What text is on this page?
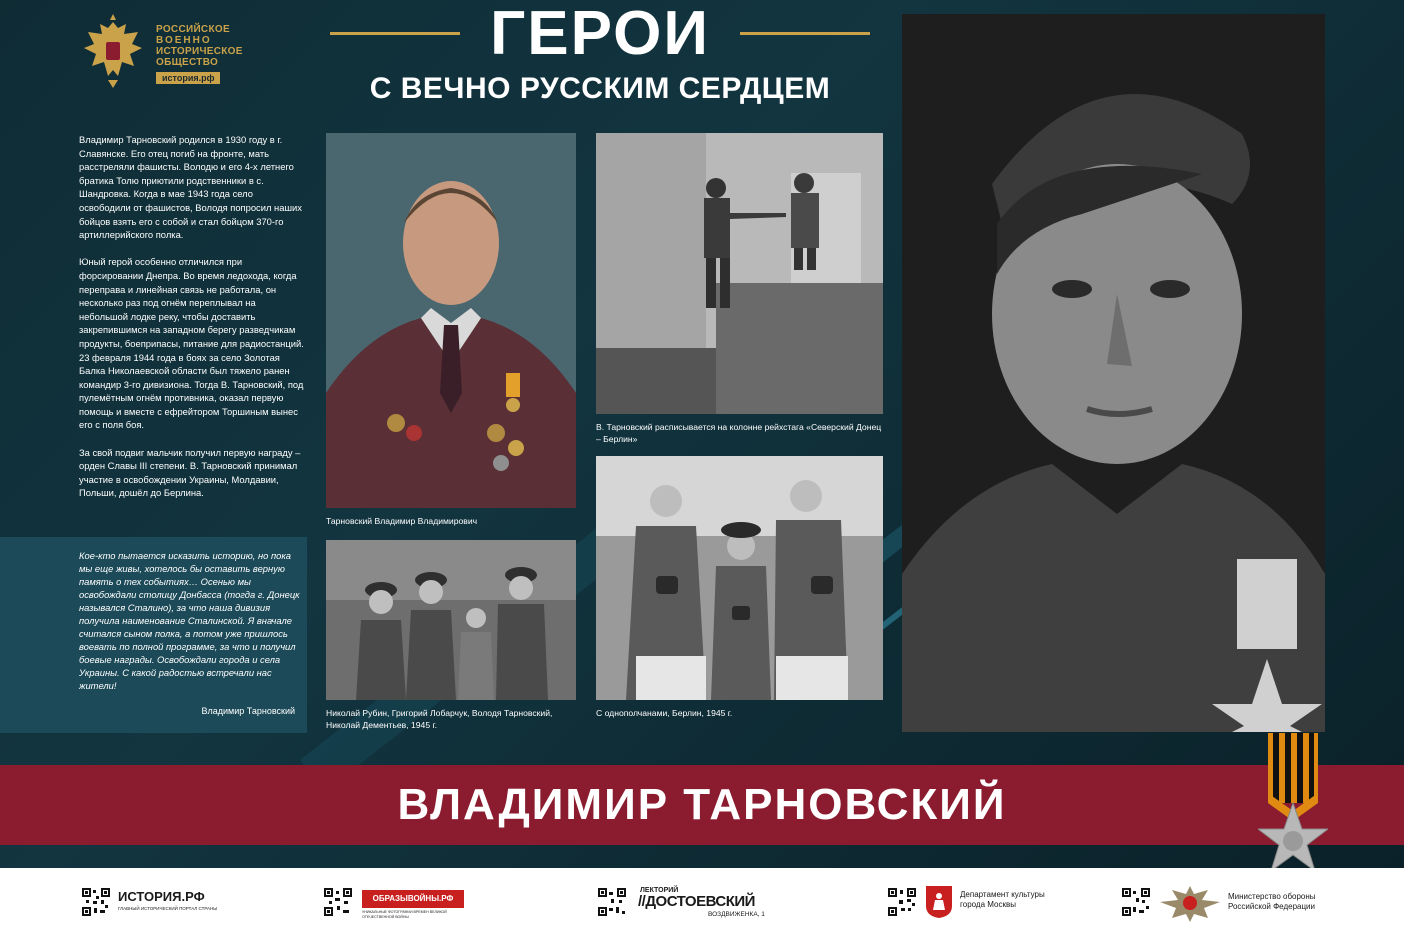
РОССИЙСКОЕ
ВОЕННО
ИСТОРИЧЕСКОЕ
ОБЩЕСТВО
история.рф
ГЕРОИ
С ВЕЧНО РУССКИМ СЕРДЦЕМ

Владимир Тарновский родился в 1930 году в г. Славянске. Его отец погиб на фронте, мать расстреляли фашисты. Володю и его 4-х летнего братика Толю приютили родственники в с. Шандровка. Когда в мае 1943 года село освободили от фашистов, Володя попросил наших бойцов взять его с собой и стал бойцом 370-го артиллерийского полка.

Юный герой особенно отличился при форсировании Днепра. Во время ледохода, когда переправа и линейная связь не работала, он несколько раз под огнём переплывал на небольшой лодке реку, чтобы доставить закрепившимся на западном берегу разведчикам продукты, боеприпасы, питание для радиостанций. 23 февраля 1944 года в боях за село Золотая Балка Николаевской области был тяжело ранен командир 3-го дивизиона. Тогда В. Тарновский, под пулемётным огнём противника, оказал первую помощь и вместе с ефрейтором Торшиным вынес его с поля боя.

За свой подвиг мальчик получил первую награду – орден Славы III степени. В. Тарновский принимал участие в освобождении Украины, Молдавии, Польши, дошёл до Берлина.

Кое-кто пытается исказить историю, но пока мы еще живы, хотелось бы оставить верную память о тех событиях… Осенью мы освобождали столицу Донбасса (тогда г. Донецк назывался Сталино), за что наша дивизия получила наименование Сталинской. Я вначале считался сыном полка, а потом уже пришлось воевать по полной программе, за что и получил боевые награды. Освобождали города и села Украины. С какой радостью встречали нас жители!
Владимир Тарновский
Тарновский Владимир Владимирович
В. Тарновский расписывается на колонне рейхстага «Северский Донец – Берлин»
Николай Рубин, Григорий Лобарчук, Володя Тарновский, Николай Дементьев, 1945 г.
С однополчанами, Берлин, 1945 г.
ВЛАДИМИР ТАРНОВСКИЙ
ИСТОРИЯ.РФ
ГЛАВНЫЙ ИСТОРИЧЕСКИЙ ПОРТАЛ СТРАНЫ
ОБРАЗЫВОЙНЫ.РФ
УНИКАЛЬНЫЕ ФОТОГРАФИИ ВРЕМЕН ВЕЛИКОЙ ОТЕЧЕСТВЕННОЙ ВОЙНЫ
ЛЕКТОРИЙ
//ДОСТОЕВСКИЙ
ВОЗДВИЖЕНКА, 1
Департамент культуры
города Москвы
Министерство обороны
Российской Федерации
